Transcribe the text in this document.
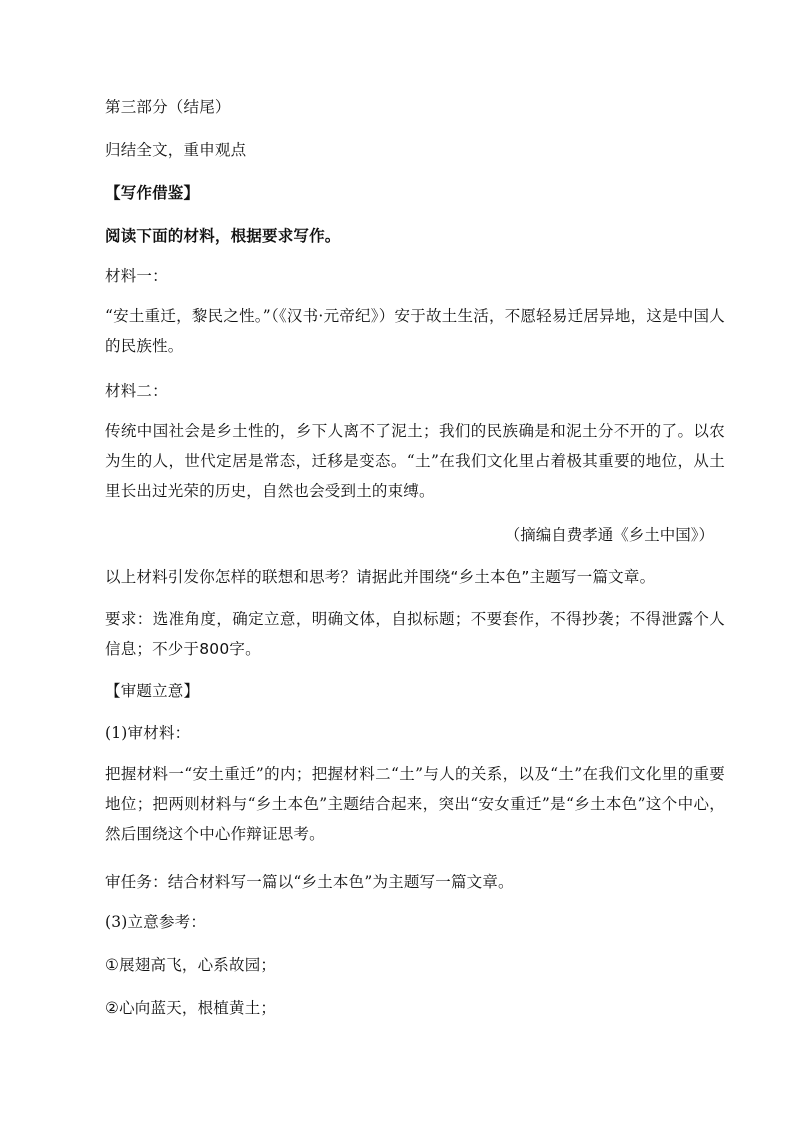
第三部分（结尾）
归结全文，重申观点
【写作借鉴】
阅读下面的材料，根据要求写作。
材料一：
“安土重迁，黎民之性。”（《汉书·元帝纪》）安于故土生活，不愿轻易迁居异地，这是中国人的民族性。
材料二：
传统中国社会是乡土性的，乡下人离不了泥土；我们的民族确是和泥土分不开的了。以农为生的人，世代定居是常态，迁移是变态。“土”在我们文化里占着极其重要的地位，从土里长出过光荣的历史，自然也会受到土的束缚。
（摘编自费孝通《乡土中国》）
以上材料引发你怎样的联想和思考？请据此并围绕“乡土本色”主题写一篇文章。
要求：选准角度，确定立意，明确文体，自拟标题；不要套作，不得抄袭；不得泄露个人信息；不少于800字。
【审题立意】
(1)审材料：
把握材料一“安土重迁”的内；把握材料二“土”与人的关系，以及“土”在我们文化里的重要地位；把两则材料与“乡土本色”主题结合起来，突出“安女重迁”是“乡土本色”这个中心，然后围绕这个中心作辩证思考。
审任务：结合材料写一篇以“乡土本色”为主题写一篇文章。
(3)立意参考：
①展翅高飞，心系故园；
②心向蓝天，根植黄土；
